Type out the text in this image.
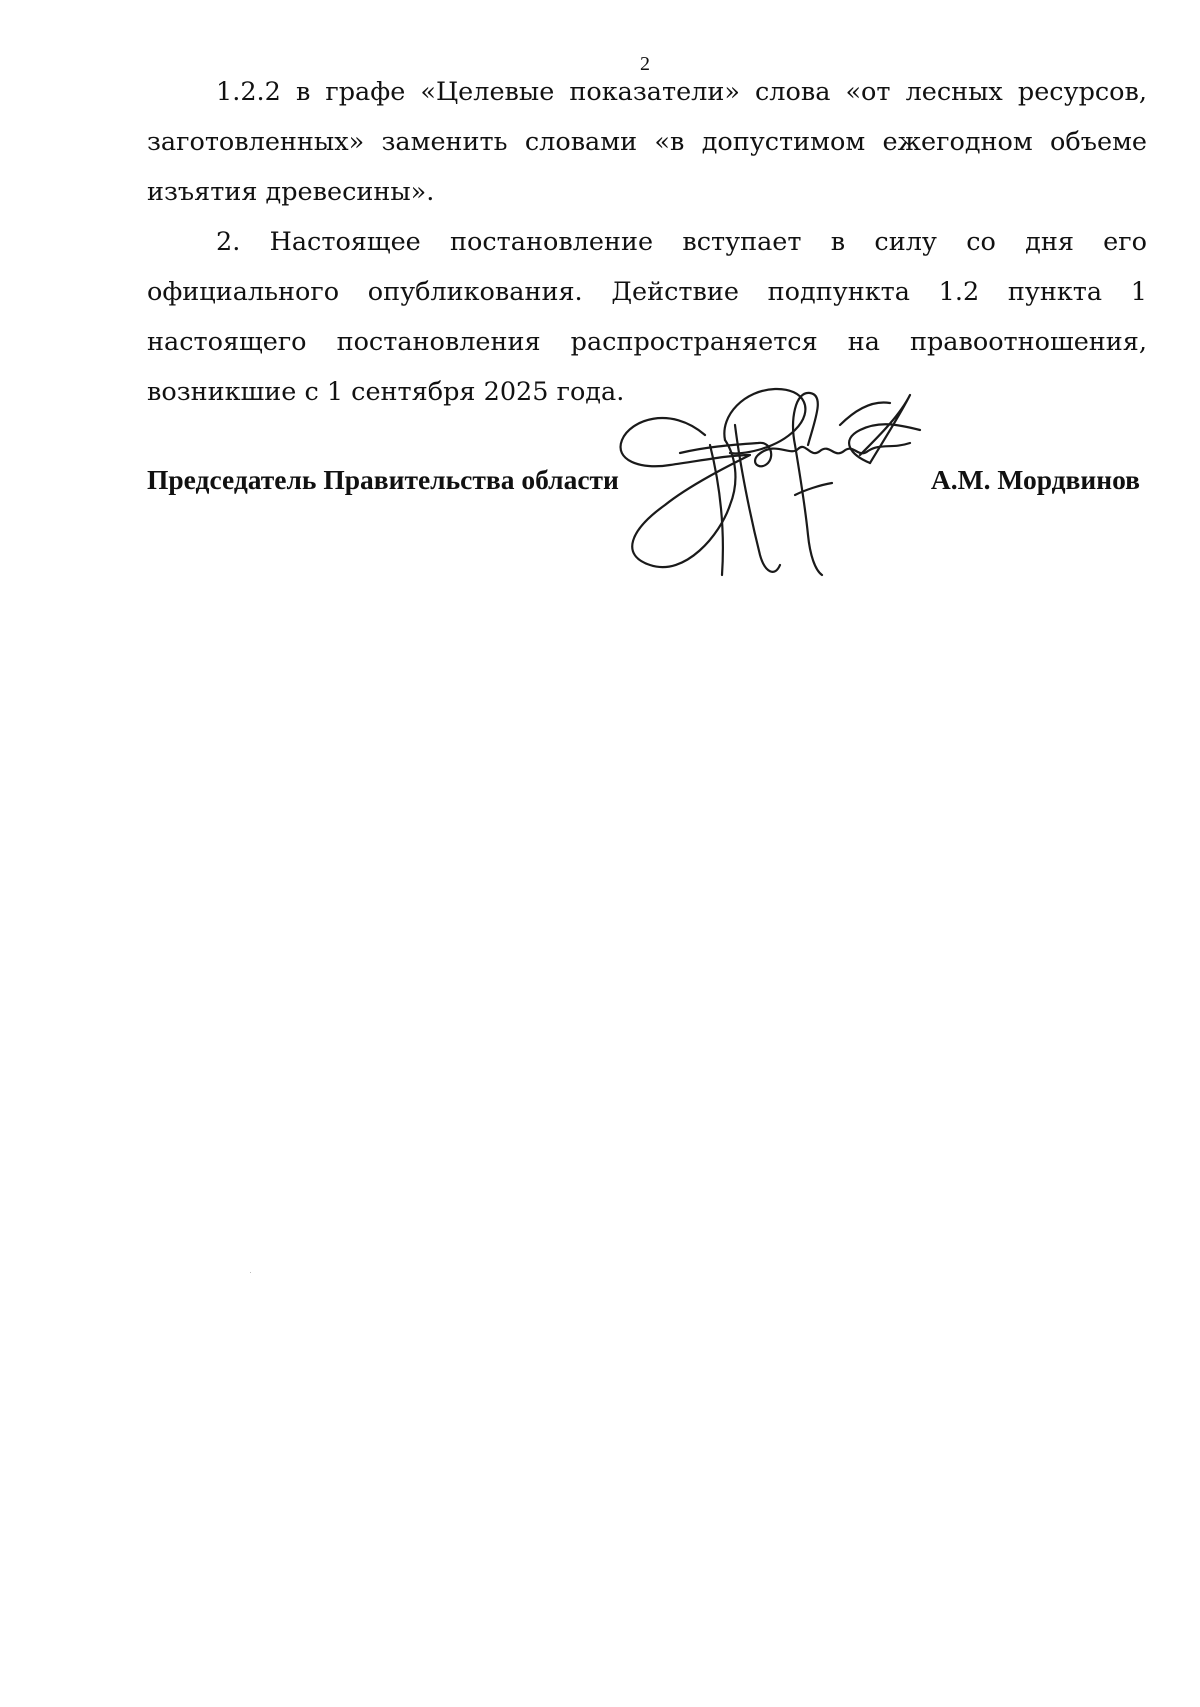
2

1.2.2 в графе «Целевые показатели» слова «от лесных ресурсов, заготовленных» заменить словами «в допустимом ежегодном объеме изъятия древесины».

2. Настоящее постановление вступает в силу со дня его официального опубликования. Действие подпункта 1.2 пункта 1 настоящего постановления распространяется на правоотношения, возникшие с 1 сентября 2025 года.

Председатель Правительства области	А.М. Мордвинов
